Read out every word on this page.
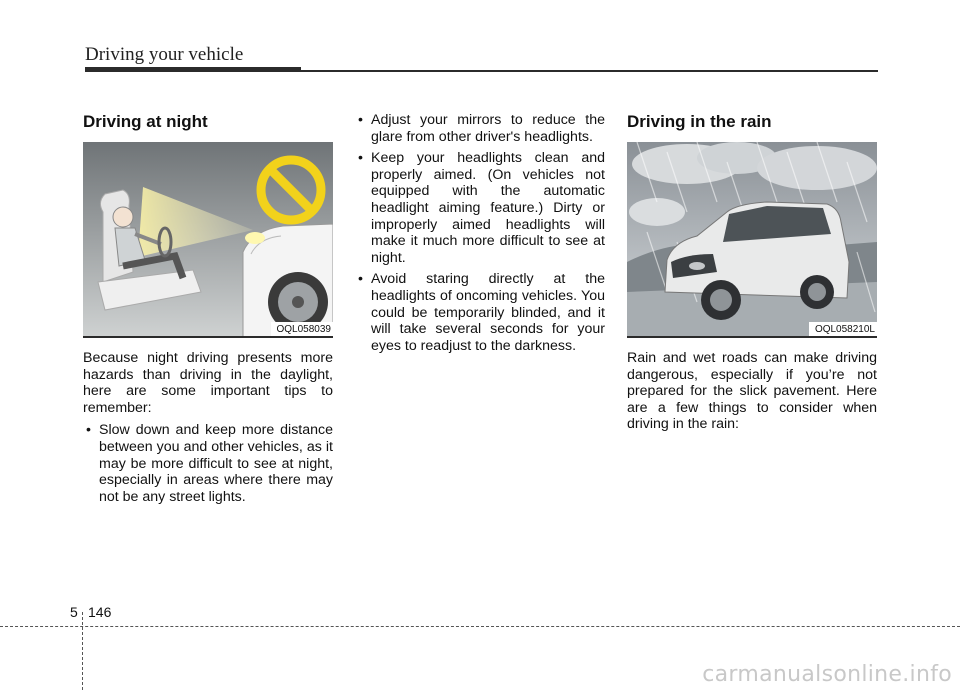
Driving your vehicle
Driving at night
OQL058039

Because night driving presents more hazards than driving in the daylight, here are some important tips to remember:

• Slow down and keep more distance between you and other vehicles, as it may be more difficult to see at night, especially in areas where there may not be any street lights.
• Adjust your mirrors to reduce the glare from other driver's headlights.
• Keep your headlights clean and properly aimed. (On vehicles not equipped with the automatic headlight aiming feature.) Dirty or improperly aimed headlights will make it much more difficult to see at night.
• Avoid staring directly at the headlights of oncoming vehicles. You could be temporarily blinded, and it will take several seconds for your eyes to readjust to the darkness.
Driving in the rain
OQL058210L

Rain and wet roads can make driving dangerous, especially if you’re not prepared for the slick pavement. Here are a few things to consider when driving in the rain:

5 146
carmanualsonline.info
